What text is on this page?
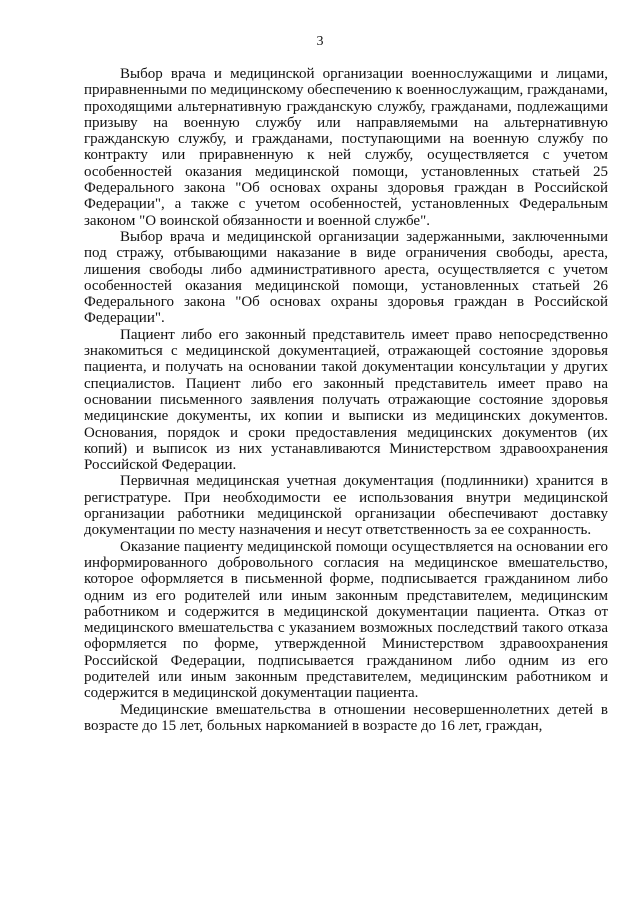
3

Выбор врача и медицинской организации военнослужащими и лицами, приравненными по медицинскому обеспечению к военнослужащим, гражданами, проходящими альтернативную гражданскую службу, гражданами, подлежащими призыву на военную службу или направляемыми на альтернативную гражданскую службу, и гражданами, поступающими на военную службу по контракту или приравненную к ней службу, осуществляется с учетом особенностей оказания медицинской помощи, установленных статьей 25 Федерального закона "Об основах охраны здоровья граждан в Российской Федерации", а также с учетом особенностей, установленных Федеральным законом "О воинской обязанности и военной службе".

Выбор врача и медицинской организации задержанными, заключенными под стражу, отбывающими наказание в виде ограничения свободы, ареста, лишения свободы либо административного ареста, осуществляется с учетом особенностей оказания медицинской помощи, установленных статьей 26 Федерального закона "Об основах охраны здоровья граждан в Российской Федерации".

Пациент либо его законный представитель имеет право непосредственно знакомиться с медицинской документацией, отражающей состояние здоровья пациента, и получать на основании такой документации консультации у других специалистов. Пациент либо его законный представитель имеет право на основании письменного заявления получать отражающие состояние здоровья медицинские документы, их копии и выписки из медицинских документов. Основания, порядок и сроки предоставления медицинских документов (их копий) и выписок из них устанавливаются Министерством здравоохранения Российской Федерации.

Первичная медицинская учетная документация (подлинники) хранится в регистратуре. При необходимости ее использования внутри медицинской организации работники медицинской организации обеспечивают доставку документации по месту назначения и несут ответственность за ее сохранность.

Оказание пациенту медицинской помощи осуществляется на основании его информированного добровольного согласия на медицинское вмешательство, которое оформляется в письменной форме, подписывается гражданином либо одним из его родителей или иным законным представителем, медицинским работником и содержится в медицинской документации пациента. Отказ от медицинского вмешательства с указанием возможных последствий такого отказа оформляется по форме, утвержденной Министерством здравоохранения Российской Федерации, подписывается гражданином либо одним из его родителей или иным законным представителем, медицинским работником и содержится в медицинской документации пациента.

Медицинские вмешательства в отношении несовершеннолетних детей в возрасте до 15 лет, больных наркоманией в возрасте до 16 лет, граждан,
